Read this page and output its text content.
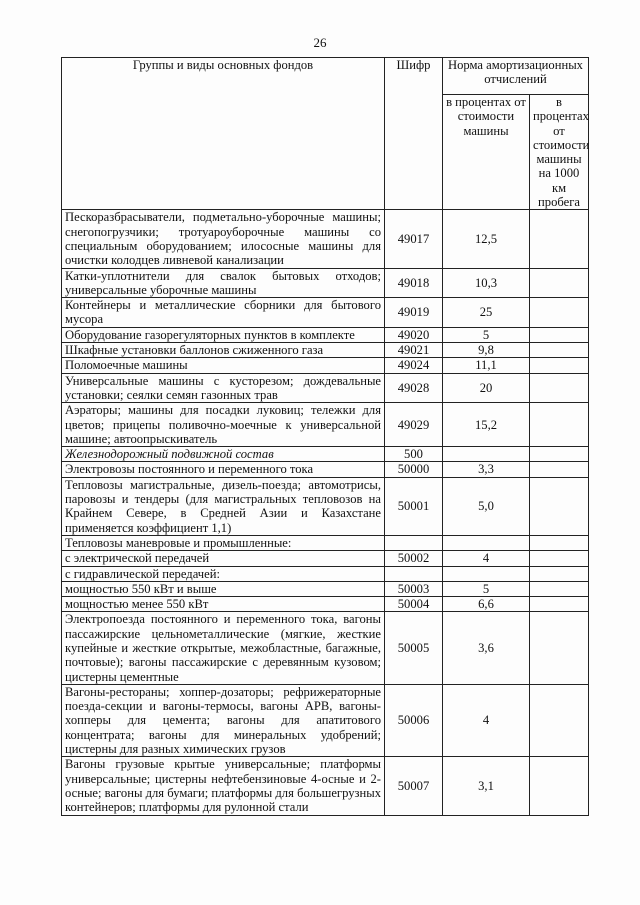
26
Группы и виды основных фондов	Шифр	Норма амортизационных отчислений	
		в процентах от стоимости машины	в процентах от стоимости машины на 1000 км пробега
Пескоразбрасыватели, подметально-уборочные машины; снегопогрузчики; тротуароуборочные машины со специальным оборудованием; илососные машины для очистки колодцев ливневой канализации	49017	12,5	
Катки-уплотнители для свалок бытовых отходов; универсальные уборочные машины	49018	10,3	
Контейнеры и металлические сборники для бытового мусора	49019	25	
Оборудование газорегуляторных пунктов в комплекте	49020	5	
Шкафные установки баллонов сжиженного газа	49021	9,8	
Поломоечные машины	49024	11,1	
Универсальные машины с кусторезом; дождевальные установки; сеялки семян газонных трав	49028	20	
Аэраторы; машины для посадки луковиц; тележки для цветов; прицепы поливочно-моечные к универсальной машине; автоопрыскиватель	49029	15,2	
Железнодорожный подвижной состав	500		
Электровозы постоянного и переменного тока	50000	3,3	
Тепловозы магистральные, дизель-поезда; автомотрисы, паровозы и тендеры (для магистральных тепловозов на Крайнем Севере, в Средней Азии и Казахстане применяется коэффициент 1,1)	50001	5,0	
Тепловозы маневровые и промышленные:			
с электрической передачей	50002	4	
с гидравлической передачей:			
мощностью 550 кВт и выше	50003	5	
мощностью менее 550 кВт	50004	6,6	
Электропоезда постоянного и переменного тока, вагоны пассажирские цельнометаллические (мягкие, жесткие купейные и жесткие открытые, межобластные, багажные, почтовые); вагоны пассажирские с деревянным кузовом; цистерны цементные	50005	3,6	
Вагоны-рестораны; хоппер-дозаторы; рефрижераторные поезда-секции и вагоны-термосы, вагоны АРВ, вагоны-хопперы для цемента; вагоны для апатитового концентрата; вагоны для минеральных удобрений; цистерны для разных химических грузов	50006	4	
Вагоны грузовые крытые универсальные; платформы универсальные; цистерны нефтебензиновые 4-осные и 2-осные; вагоны для бумаги; платформы для большегрузных контейнеров; платформы для рулонной стали	50007	3,1	
